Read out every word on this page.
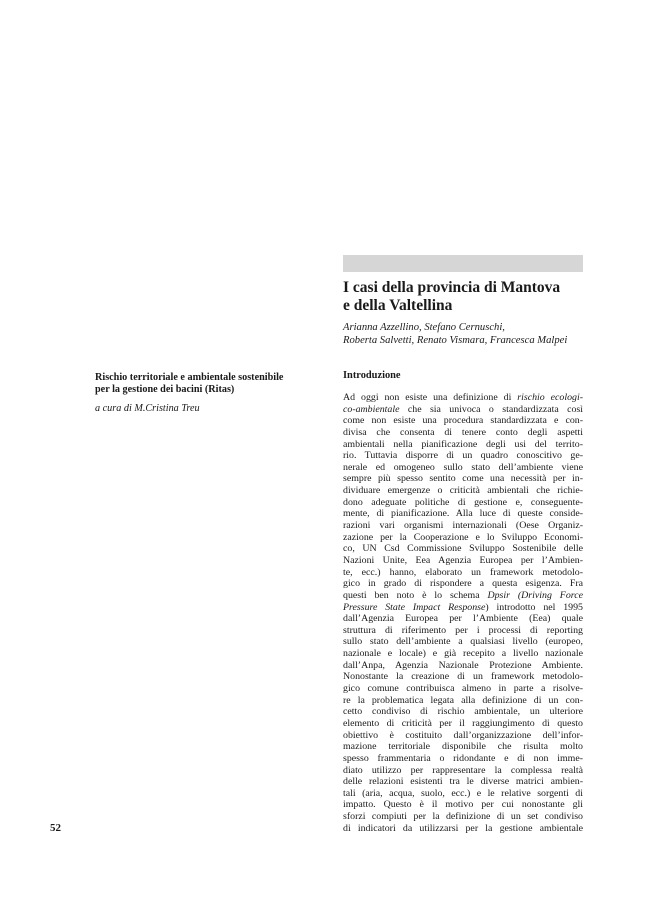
I casi della provincia di Mantova
e della Valtellina
Arianna Azzellino, Stefano Cernuschi,
Roberta Salvetti, Renato Vismara, Francesca Malpei
Rischio territoriale e ambientale sostenibile
per la gestione dei bacini (Ritas)
a cura di M.Cristina Treu
Introduzione
Ad oggi non esiste una definizione di rischio ecologi-
co-ambientale che sia univoca o standardizzata così
come non esiste una procedura standardizzata e con-
divisa che consenta di tenere conto degli aspetti
ambientali nella pianificazione degli usi del territo-
rio. Tuttavia disporre di un quadro conoscitivo ge-
nerale ed omogeneo sullo stato dell’ambiente viene
sempre più spesso sentito come una necessità per in-
dividuare emergenze o criticità ambientali che richie-
dono adeguate politiche di gestione e, conseguente-
mente, di pianificazione. Alla luce di queste conside-
razioni vari organismi internazionali (Oese Organiz-
zazione per la Cooperazione e lo Sviluppo Economi-
co, UN Csd Commissione Sviluppo Sostenibile delle
Nazioni Unite, Eea Agenzia Europea per l’Ambien-
te, ecc.) hanno, elaborato un framework metodolo-
gico in grado di rispondere a questa esigenza. Fra
questi ben noto è lo schema Dpsir (Driving Force
Pressure State Impact Response) introdotto nel 1995
dall’Agenzia Europea per l’Ambiente (Eea) quale
struttura di riferimento per i processi di reporting
sullo stato dell’ambiente a qualsiasi livello (europeo,
nazionale e locale) e già recepito a livello nazionale
dall’Anpa, Agenzia Nazionale Protezione Ambiente.
Nonostante la creazione di un framework metodolo-
gico comune contribuisca almeno in parte a risolve-
re la problematica legata alla definizione di un con-
cetto condiviso di rischio ambientale, un ulteriore
elemento di criticità per il raggiungimento di questo
obiettivo è costituito dall’organizzazione dell’infor-
mazione territoriale disponibile che risulta molto
spesso frammentaria o ridondante e di non imme-
diato utilizzo per rappresentare la complessa realtà
delle relazioni esistenti tra le diverse matrici ambien-
tali (aria, acqua, suolo, ecc.) e le relative sorgenti di
impatto. Questo è il motivo per cui nonostante gli
sforzi compiuti per la definizione di un set condiviso
di indicatori da utilizzarsi per la gestione ambientale
52
